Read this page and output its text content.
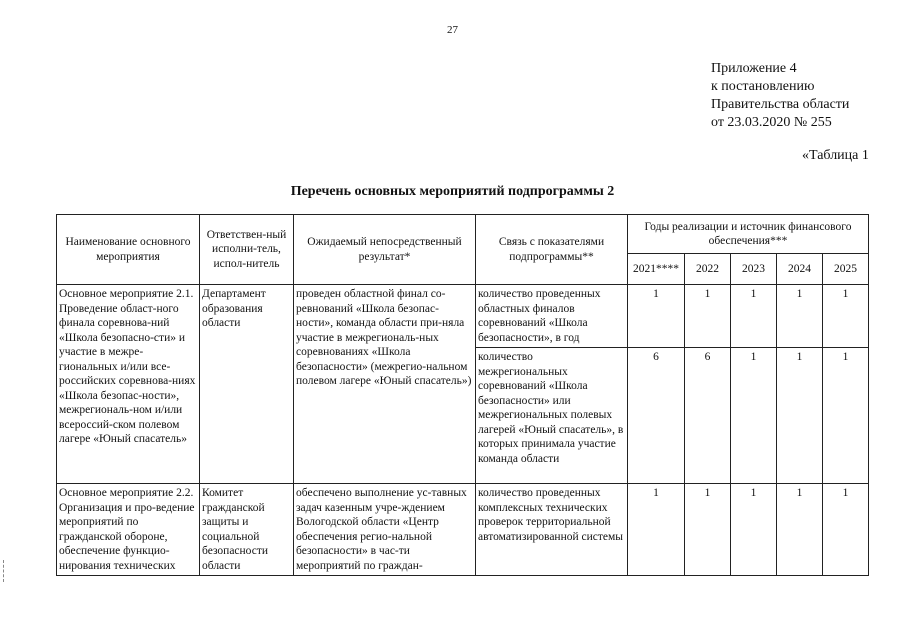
27
Приложение 4
к постановлению
Правительства области
от 23.03.2020 № 255
«Таблица 1
Перечень основных мероприятий подпрограммы 2
Наименование основного мероприятия	Ответствен-ный исполни-тель, испол-нитель	Ожидаемый непосредственный результат*	Связь с показателями подпрограммы**	Годы реализации и источник финансового обеспечения***				
				2021****	2022	2023	2024	2025
Основное мероприятие 2.1. Проведение област-ного финала соревнова-ний «Школа безопасно-сти» и участие в межре-гиональных и/или все-российских соревнова-ниях «Школа безопас-ности», межрегиональ-ном и/или всероссий-ском полевом лагере «Юный спасатель»	Департамент образования области	проведен областной финал со-ревнований «Школа безопас-ности», команда области при-няла участие в межрегиональ-ных соревнованиях «Школа безопасности» (межрегио-нальном полевом лагере «Юный спасатель»)	количество проведенных областных финалов соревнований «Школа безопасности», в год	1	1	1	1	1
			количество межрегиональных соревнований «Школа безопасности» или межрегиональных полевых лагерей «Юный спасатель», в которых принимала участие команда области	6	6	1	1	1
Основное мероприятие 2.2. Организация и про-ведение мероприятий по гражданской обороне, обеспечение функцио-нирования технических	Комитет гражданской защиты и социальной безопасности области	обеспечено выполнение ус-тавных задач казенным учре-ждением Вологодской области «Центр обеспечения регио-нальной безопасности» в час-ти мероприятий по граждан-	количество проведенных комплексных технических проверок территориальной автоматизированной системы	1	1	1	1	1
